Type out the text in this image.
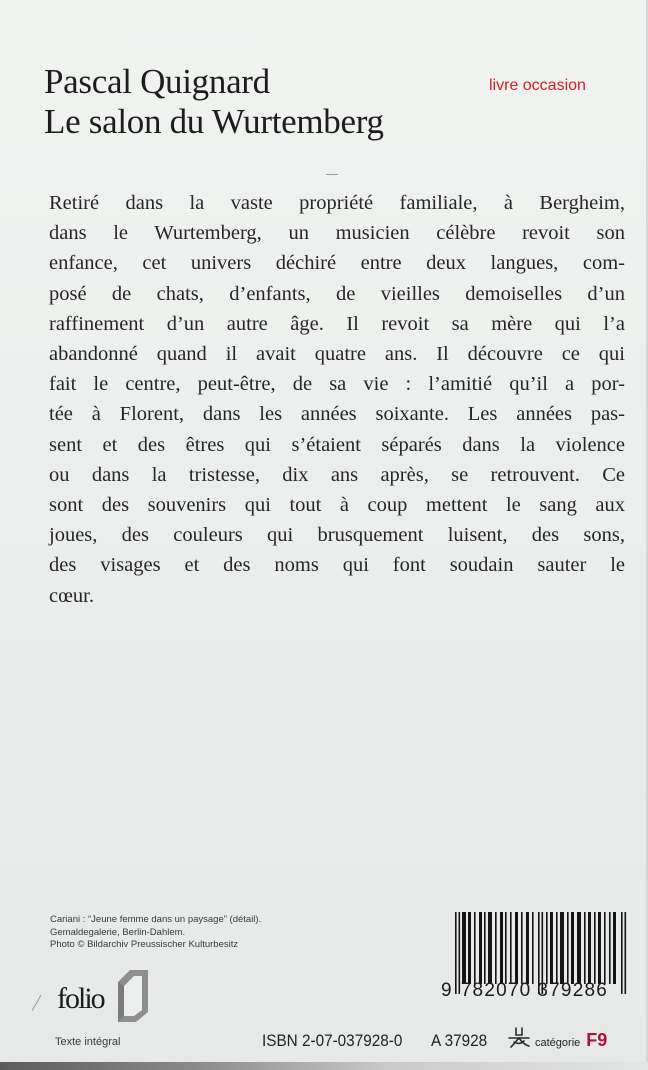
Pascal Quignard
Le salon du Wurtemberg
livre occasion
Retiré dans la vaste propriété familiale, à Bergheim,
dans le Wurtemberg, un musicien célèbre revoit son
enfance, cet univers déchiré entre deux langues, com-
posé de chats, d’enfants, de vieilles demoiselles d’un
raffinement d’un autre âge. Il revoit sa mère qui l’a
abandonné quand il avait quatre ans. Il découvre ce qui
fait le centre, peut-être, de sa vie : l’amitié qu’il a por-
tée à Florent, dans les années soixante. Les années pas-
sent et des êtres qui s’étaient séparés dans la violence
ou dans la tristesse, dix ans après, se retrouvent. Ce
sont des souvenirs qui tout à coup mettent le sang aux
joues, des couleurs qui brusquement luisent, des sons,
des visages et des noms qui font soudain sauter le
cœur.
Cariani : “Jeune femme dans un paysage” (détail).
Gemaldegalerie, Berlin-Dahlem.
Photo © Bildarchiv Preussischer Kulturbesitz
folio
Texte intégral
9 782070 379286
ISBN 2-07-037928-0 A 37928	catégorie F9
